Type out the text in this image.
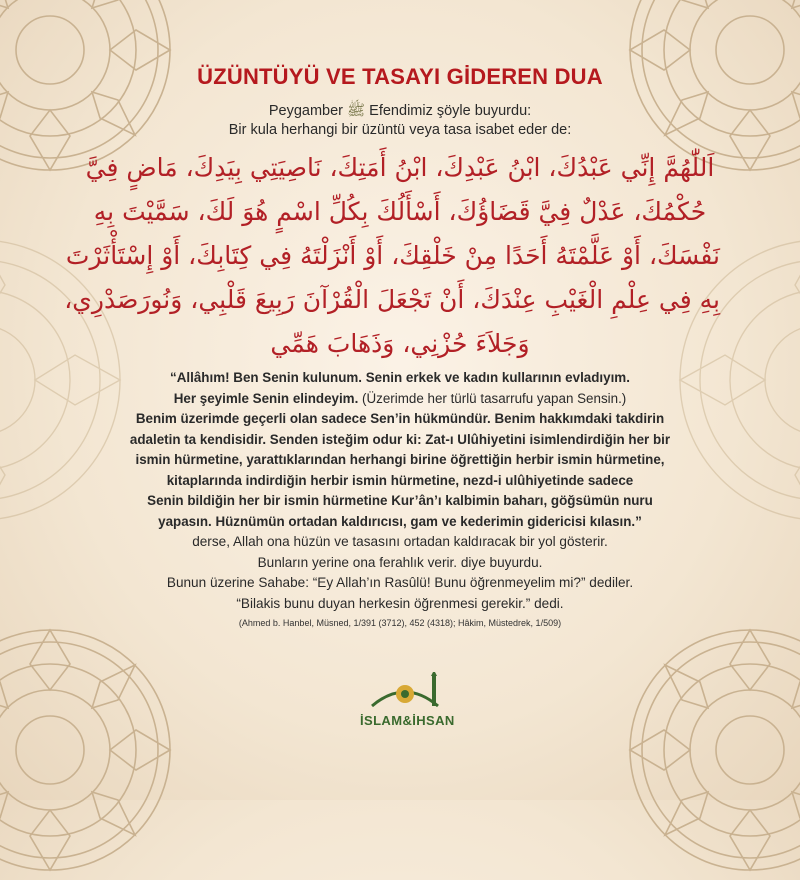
ÜZÜNTÜYÜ VE TASAYI GİDEREN DUA
Peygamber ﷺ Efendimiz şöyle buyurdu:
Bir kula herhangi bir üzüntü veya tasa isabet eder de:
اَللّٰهُمَّ إِنِّي عَبْدُكَ، ابْنُ عَبْدِكَ، ابْنُ أَمَتِكَ، نَاصِيَتِي بِيَدِكَ، مَاضٍ فِيَّ
حُكْمُكَ، عَدْلٌ فِيَّ قَضَاؤُكَ، أَسْأَلُكَ بِكُلِّ اسْمٍ هُوَ لَكَ، سَمَّيْتَ بِهِ
نَفْسَكَ، أَوْ عَلَّمْتَهُ أَحَدًا مِنْ خَلْقِكَ، أَوْ أَنْزَلْتَهُ فِي كِتَابِكَ، أَوْ إِسْتَأْثَرْتَ
بِهِ فِي عِلْمِ الْغَيْبِ عِنْدَكَ، أَنْ تَجْعَلَ الْقُرْآنَ رَبِيعَ قَلْبِي، وَنُورَصَدْرِي،
وَجَلاَءَ حُزْنِي، وَذَهَابَ هَمِّي
“Allâhım! Ben Senin kulunum. Senin erkek ve kadın kullarının evladıyım.
Her şeyimle Senin elindeyim. (Üzerimde her türlü tasarrufu yapan Sensin.)
Benim üzerimde geçerli olan sadece Sen’in hükmündür. Benim hakkımdaki takdirin
adaletin ta kendisidir. Senden isteğim odur ki: Zat-ı Ulûhiyetini isimlendirdiğin her bir
ismin hürmetine, yarattıklarından herhangi birine öğrettiğin herbir ismin hürmetine,
kitaplarında indirdiğin herbir ismin hürmetine, nezd-i ulûhiyetinde sadece
Senin bildiğin her bir ismin hürmetine Kur’ân’ı kalbimin baharı, göğsümün nuru
yapasın. Hüznümün ortadan kaldırıcısı, gam ve kederimin gidericisi kılasın.”
derse, Allah ona hüzün ve tasasını ortadan kaldıracak bir yol gösterir.
Bunların yerine ona ferahlık verir. diye buyurdu.
Bunun üzerine Sahabe: “Ey Allah’ın Rasûlü! Bunu öğrenmeyelim mi?” dediler.
“Bilakis bunu duyan herkesin öğrenmesi gerekir.” dedi.
(Ahmed b. Hanbel, Müsned, 1/391 (3712), 452 (4318); Hâkim, Müstedrek, 1/509)
İSLAM&İHSAN
